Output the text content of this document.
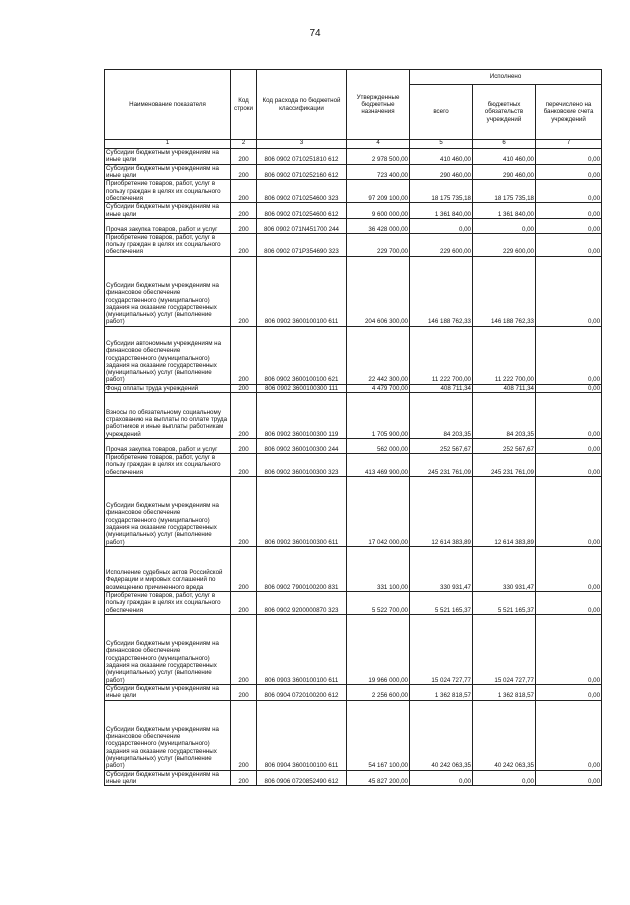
74
Наименование показателя	Код строки	Код расхода по бюджетной классификации	Утвержденные бюджетные назначения	Исполнено		
				всего	бюджетных обязательств учреждений	перечислено на банковские счета учреждений
1	2	3	4	5	6	7
Субсидии бюджетным учреждениям на иные цели	200	806 0902 0710251810 612	2 978 500,00	410 460,00	410 460,00	0,00
Субсидии бюджетным учреждениям на иные цели	200	806 0902 0710252160 612	723 400,00	290 460,00	290 460,00	0,00
Приобретение товаров, работ, услуг в пользу граждан в целях их социального обеспечения	200	806 0902 0710254600 323	97 209 100,00	18 175 735,18	18 175 735,18	0,00
Субсидии бюджетным учреждениям на иные цели	200	806 0902 0710254600 612	9 600 000,00	1 361 840,00	1 361 840,00	0,00
Прочая закупка товаров, работ и услуг	200	806 0902 071N451700 244	36 428 000,00	0,00	0,00	0,00
Приобретение товаров, работ, услуг в пользу граждан в целях их социального обеспечения	200	806 0902 071P354690 323	229 700,00	229 600,00	229 600,00	0,00
Субсидии бюджетным учреждениям на финансовое обеспечение государственного (муниципального) задания на оказание государственных (муниципальных) услуг (выполнение работ)	200	806 0902 3600100100 611	204 606 300,00	146 188 762,33	146 188 762,33	0,00
Субсидии автономным учреждениям на финансовое обеспечение государственного (муниципального) задания на оказание государственных (муниципальных) услуг (выполнение работ)	200	806 0902 3600100100 621	22 442 300,00	11 222 700,00	11 222 700,00	0,00
Фонд оплаты труда учреждений	200	806 0902 3600100300 111	4 479 700,00	408 711,34	408 711,34	0,00
Взносы по обязательному социальному страхованию на выплаты по оплате труда работников и иные выплаты работникам учреждений	200	806 0902 3600100300 119	1 705 900,00	84 203,35	84 203,35	0,00
Прочая закупка товаров, работ и услуг	200	806 0902 3600100300 244	562 000,00	252 567,67	252 567,67	0,00
Приобретение товаров, работ, услуг в пользу граждан в целях их социального обеспечения	200	806 0902 3600100300 323	413 469 900,00	245 231 761,09	245 231 761,09	0,00
Субсидии бюджетным учреждениям на финансовое обеспечение государственного (муниципального) задания на оказание государственных (муниципальных) услуг (выполнение работ)	200	806 0902 3600100300 611	17 042 000,00	12 614 383,89	12 614 383,89	0,00
Исполнение судебных актов Российской Федерации и мировых соглашений по возмещению причиненного вреда	200	806 0902 7900100200 831	331 100,00	330 931,47	330 931,47	0,00
Приобретение товаров, работ, услуг в пользу граждан в целях их социального обеспечения	200	806 0902 9200000870 323	5 522 700,00	5 521 165,37	5 521 165,37	0,00
Субсидии бюджетным учреждениям на финансовое обеспечение государственного (муниципального) задания на оказание государственных (муниципальных) услуг (выполнение работ)	200	806 0903 3600100100 611	19 966 000,00	15 024 727,77	15 024 727,77	0,00
Субсидии бюджетным учреждениям на иные цели	200	806 0904 0720100200 612	2 256 600,00	1 362 818,57	1 362 818,57	0,00
Субсидии бюджетным учреждениям на финансовое обеспечение государственного (муниципального) задания на оказание государственных (муниципальных) услуг (выполнение работ)	200	806 0904 3600100100 611	54 167 100,00	40 242 063,35	40 242 063,35	0,00
Субсидии бюджетным учреждениям на иные цели	200	806 0906 0720852490 612	45 827 200,00	0,00	0,00	0,00
